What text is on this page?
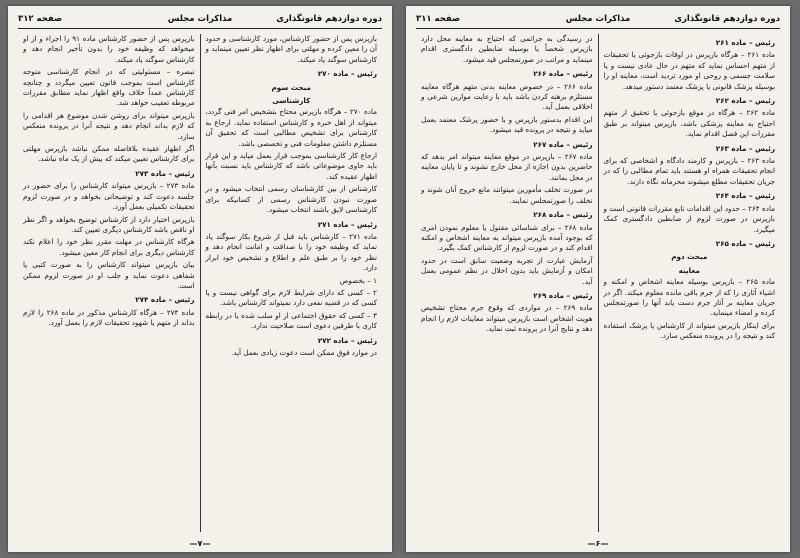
دوره دوازدهم قانونگذاری
مذاکرات مجلس
صفحه ۳۱۲

بازپرس پس از حضور کارشناس، مورد کارشناسی و حدود آن را معین کرده و مهلتی برای اظهار نظر تعیین مینماید و کارشناس سوگند یاد میکند.

رئیس – ماده ۲۷۰

مبحث سوم

کارشناسی

ماده ۲۷۰ – هرگاه بازپرس محتاج بتشخیص امر فنی گردد، میتواند از اهل خبره و کارشناس استفاده نماید. ارجاع به کارشناس برای تشخیص مطالبی است که تحقیق آن مستلزم داشتن معلومات فنی و تخصصی باشد.

ارجاع کار کارشناسی بموجب قرار بعمل میاید و این قرار باید حاوی موضوعاتی باشد که کارشناس باید نسبت بآنها اظهار عقیده کند.

کارشناس از بین کارشناسان رسمی انتخاب میشود و در صورت نبودن کارشناس رسمی از کسانیکه برای کارشناسی لایق باشند انتخاب میشود.

رئیس – ماده ۲۷۱

ماده ۲۷۱ – کارشناس باید قبل از شروع بکار سوگند یاد نماید که وظیفه خود را با صداقت و امانت انجام دهد و نظر خود را بر طبق علم و اطلاع و تشخیص خود ابراز دارد.

۱ – بخصوص

۲ – کسی که دارای شرایط لازم برای گواهی نیست و یا کسی که در قضیه نفعی دارد نمیتواند کارشناس باشد.

۳ – کسی که حقوق اجتماعی از او سلب شده یا در رابطه کاری با طرفین دعوی است صلاحیت ندارد.

رئیس – ماده ۲۷۲

در موارد فوق ممکن است دعوت زیادی بعمل آید.

بازپرس پس از حضور کارشناس ماده ۹۱ را اجراء و از او میخواهد که وظیفه خود را بدون تأخیر انجام دهد و کارشناس سوگند یاد میکند.

تبصره – مسئولیتی که در انجام کارشناسی متوجه کارشناس است بموجب قانون تعیین میگردد و چنانچه کارشناس عمداً خلاف واقع اظهار نماید مطابق مقررات مربوطه تعقیب خواهد شد.

بازپرس میتواند برای روشن شدن موضوع هر اقدامی را که لازم بداند انجام دهد و نتیجه آنرا در پرونده منعکس سازد.

اگر اظهار عقیده بلافاصله ممکن نباشد بازپرس مهلتی برای کارشناس تعیین میکند که بیش از یک ماه نباشد.

رئیس – ماده ۲۷۳

ماده ۲۷۳ – بازپرس میتواند کارشناس را برای حضور در جلسه دعوت کند و توضیحاتی بخواهد و در صورت لزوم تحقیقات تکمیلی بعمل آورد.

بازپرس اختیار دارد از کارشناس توضیح بخواهد و اگر نظر او ناقص باشد کارشناس دیگری تعیین کند.

هرگاه کارشناس در مهلت مقرر نظر خود را اعلام نکند کارشناس دیگری برای انجام کار معین میشود.

بیان بازپرس میتواند کارشناس را به صورت کتبی یا شفاهی دعوت نماید و جلب او در صورت لزوم ممکن است.

رئیس – ماده ۲۷۴

ماده ۲۷۴ – هرگاه کارشناس مذکور در ماده ۲۶۸ را لازم بداند از متهم یا شهود تحقیقات لازم را بعمل آورد.

—۷—
دوره دوازدهم قانونگذاری
مذاکرات مجلس
صفحه ۳۱۱

رئیس – ماده ۲۶۱

ماده ۲۶۱ – هرگاه بازپرس در اوقات بازجوئی یا تحقیقات از متهم احساس نماید که متهم در حال عادی نیست و یا سلامت جسمی و روحی او مورد تردید است، معاینه او را بوسیله پزشک قانونی یا پزشک معتمد دستور میدهد.

رئیس – ماده ۲۶۲

ماده ۲۶۲ – هرگاه در موقع بازجوئی یا تحقیق از متهم احتیاج به معاینه پزشکی باشد، بازپرس میتواند بر طبق مقررات این فصل اقدام نماید.

رئیس – ماده ۲۶۳

ماده ۲۶۳ – بازپرس و کارمند دادگاه و اشخاصی که برای انجام تحقیقات همراه او هستند باید تمام مطالبی را که در جریان تحقیقات مطلع میشوند محرمانه نگاه دارند.

رئیس – ماده ۲۶۴

ماده ۲۶۴ – حدود این اقدامات تابع مقررات قانونی است و بازپرس در صورت لزوم از ضابطین دادگستری کمک میگیرد.

رئیس – ماده ۲۶۵

مبحث دوم

معاینه

ماده ۲۶۵ – بازپرس بوسیله معاینه اشخاص و امکنه و اشیاء آثاری را که از جرم باقی مانده معلوم میکند. اگر در جریان معاینه بر آثار جرم دست یابد آنها را صورتمجلس کرده و امضاء مینماید.

برای اینکار بازپرس میتواند از کارشناس یا پزشک استفاده کند و نتیجه را در پرونده منعکس سازد.

در رسیدگی به جرائمی که احتیاج به معاینه محل دارد بازپرس شخصاً یا بوسیله ضابطین دادگستری اقدام مینماید و مراتب در صورتمجلس قید میشود.

رئیس – ماده ۲۶۶

ماده ۲۶۶ – در خصوص معاینه بدنی متهم هرگاه معاینه مستلزم برهنه کردن باشد باید با رعایت موازین شرعی و اخلاقی بعمل آید.

این اقدام بدستور بازپرس و با حضور پزشک معتمد بعمل میاید و نتیجه در پرونده قید میشود.

رئیس – ماده ۲۶۷

ماده ۲۶۷ – بازپرس در موقع معاینه میتواند امر بدهد که حاضرین بدون اجازه از محل خارج نشوند و تا پایان معاینه در محل بمانند.

در صورت تخلف مأمورین میتوانند مانع خروج آنان شوند و تخلف را صورتمجلس نمایند.

رئیس – ماده ۲۶۸

ماده ۲۶۸ – برای شناسائی مقتول یا معلوم نمودن امری که بوجود آمده بازپرس میتواند به معاینه اشخاص و امکنه اقدام کند و در صورت لزوم از کارشناس کمک بگیرد.

آزمایش عبارت از تجربه وضعیت سابق است در حدود امکان و آزمایش باید بدون اخلال در نظم عمومی بعمل آید.

رئیس – ماده ۲۶۹

ماده ۲۶۹ – در مواردی که وقوع جرم محتاج تشخیص هویت اشخاص است بازپرس میتواند معاینات لازم را انجام دهد و نتایج آنرا در پرونده ثبت نماید.

—۶—
